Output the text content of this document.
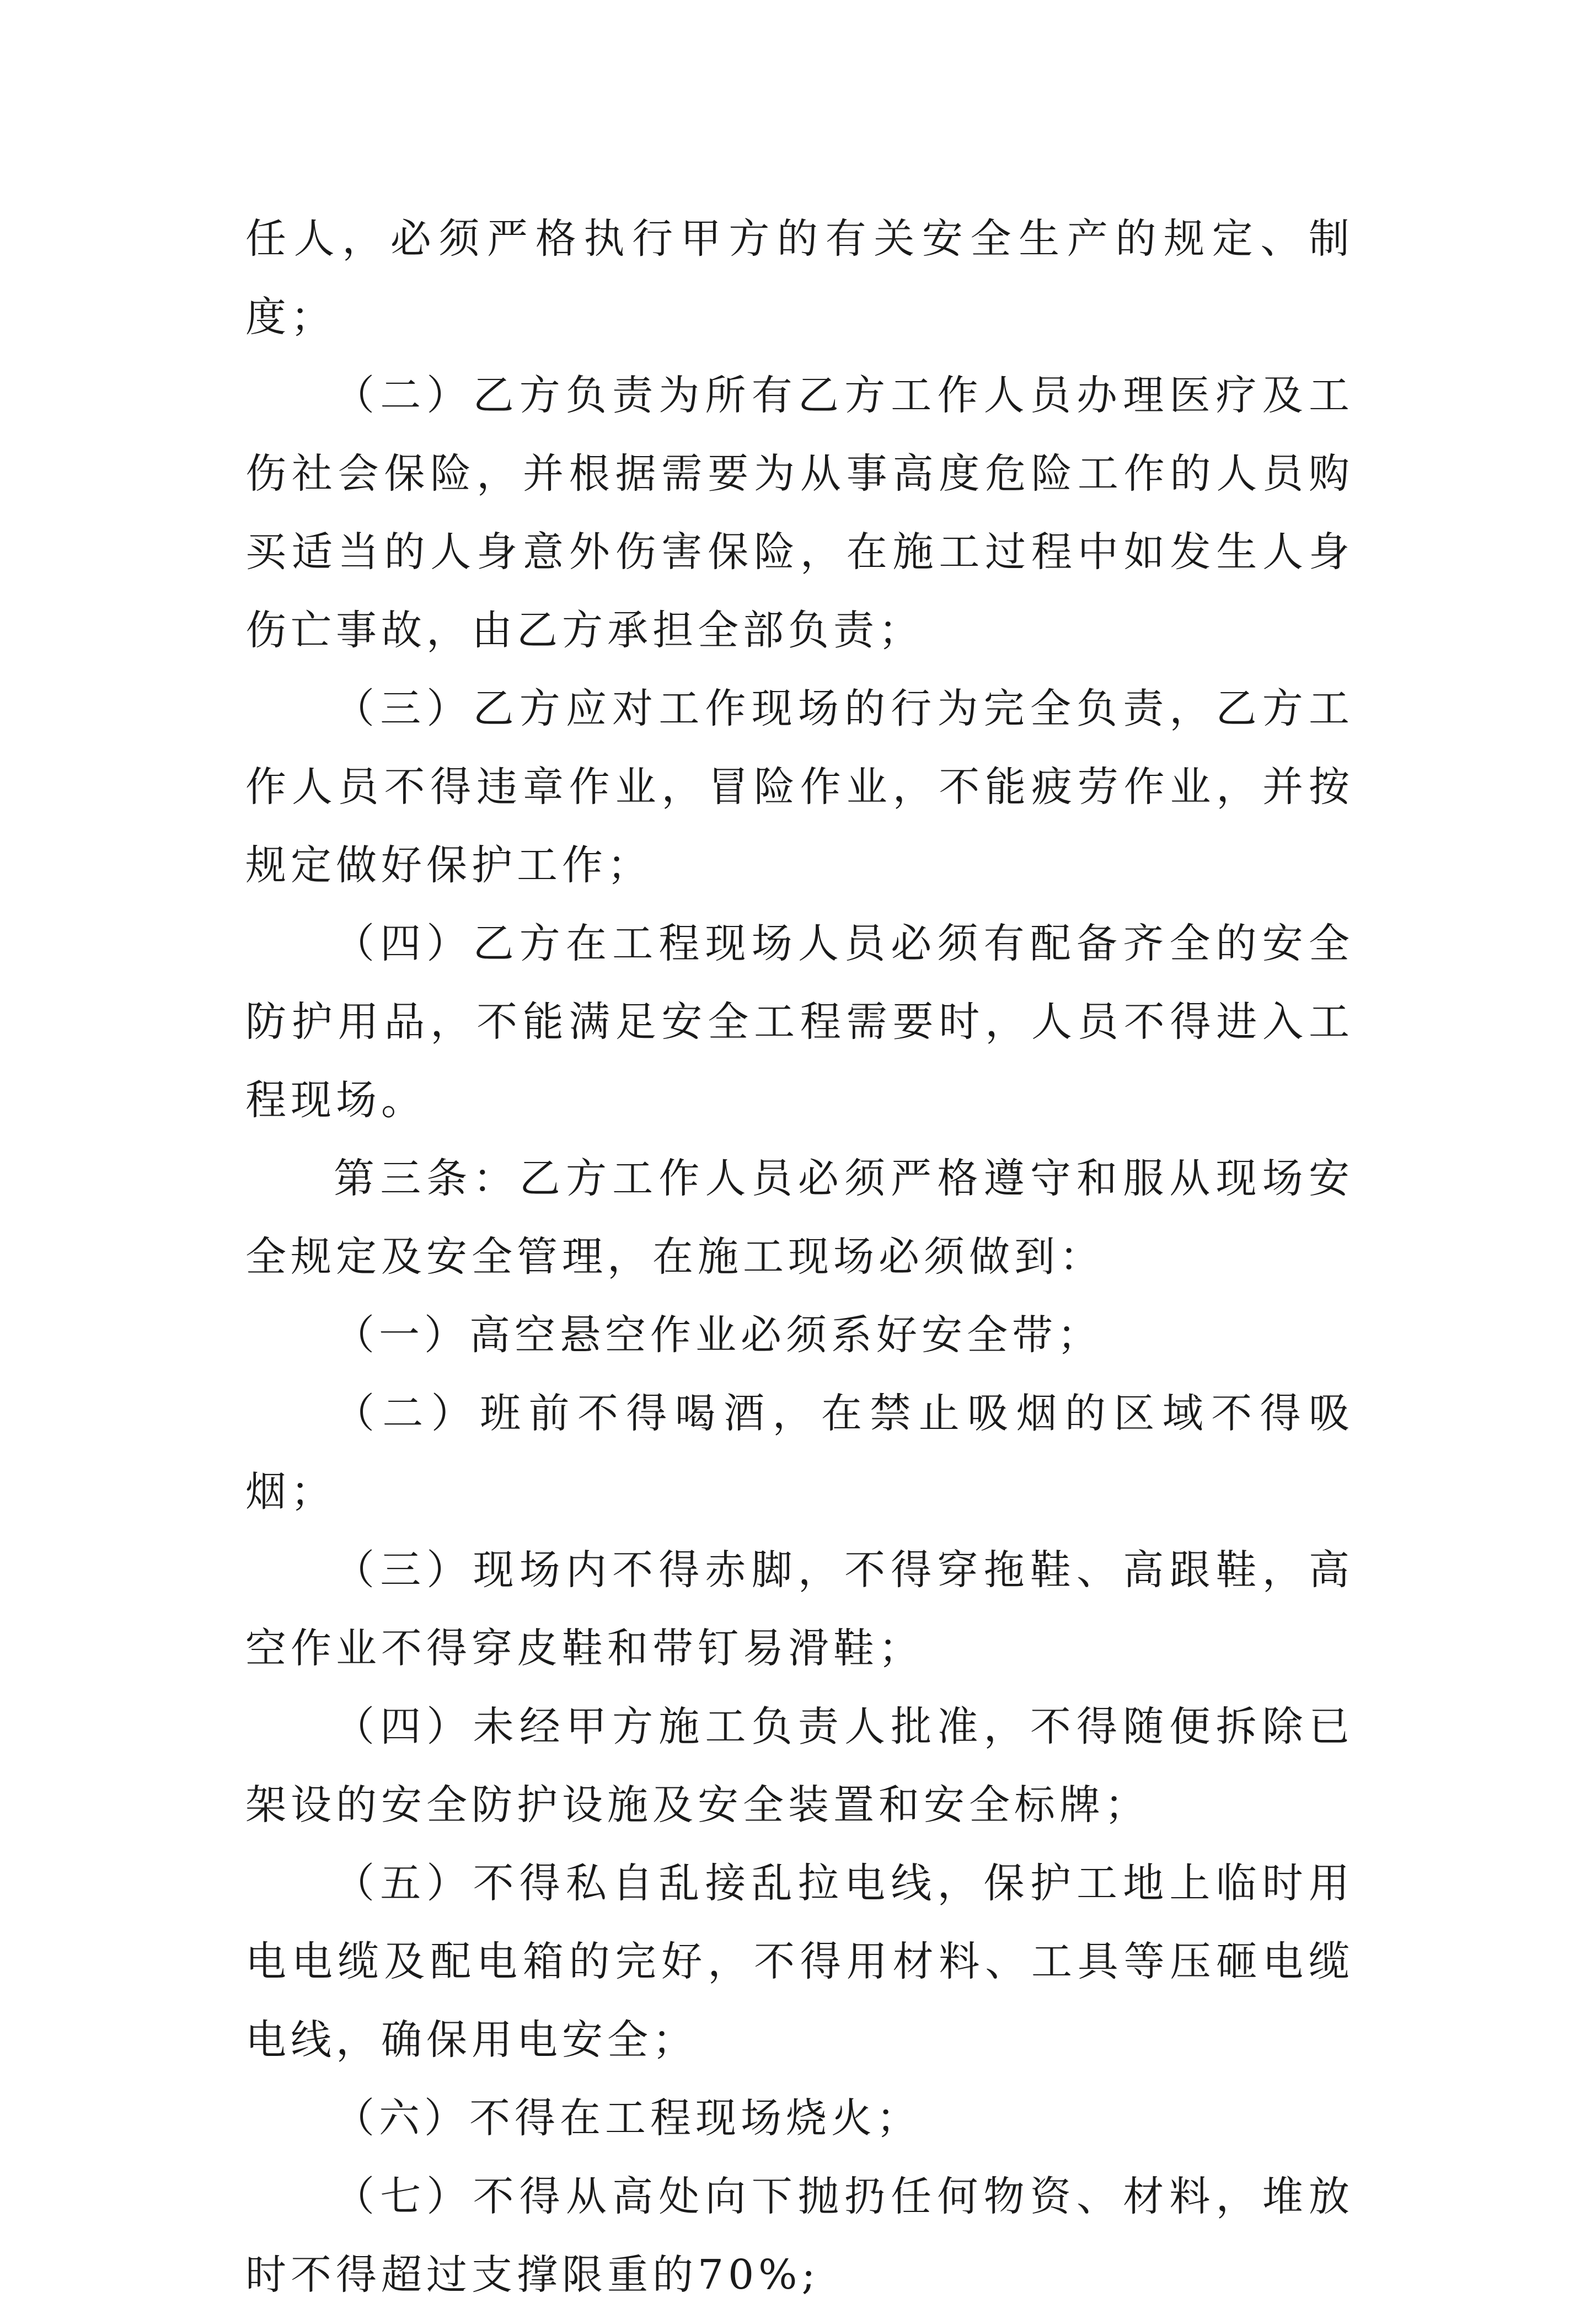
任人，必须严格执行甲方的有关安全生产的规定、制度；

（二）乙方负责为所有乙方工作人员办理医疗及工伤社会保险，并根据需要为从事高度危险工作的人员购买适当的人身意外伤害保险，在施工过程中如发生人身伤亡事故，由乙方承担全部负责；

（三）乙方应对工作现场的行为完全负责，乙方工作人员不得违章作业，冒险作业，不能疲劳作业，并按规定做好保护工作；

（四）乙方在工程现场人员必须有配备齐全的安全防护用品，不能满足安全工程需要时，人员不得进入工程现场。

第三条：乙方工作人员必须严格遵守和服从现场安全规定及安全管理，在施工现场必须做到：

（一）高空悬空作业必须系好安全带；

（二）班前不得喝酒，在禁止吸烟的区域不得吸烟；

（三）现场内不得赤脚，不得穿拖鞋、高跟鞋，高空作业不得穿皮鞋和带钉易滑鞋；

（四）未经甲方施工负责人批准，不得随便拆除已架设的安全防护设施及安全装置和安全标牌；

（五）不得私自乱接乱拉电线，保护工地上临时用电电缆及配电箱的完好，不得用材料、工具等压砸电缆电线，确保用电安全；

（六）不得在工程现场烧火；

（七）不得从高处向下抛扔任何物资、材料，堆放时不得超过支撑限重的70%;
